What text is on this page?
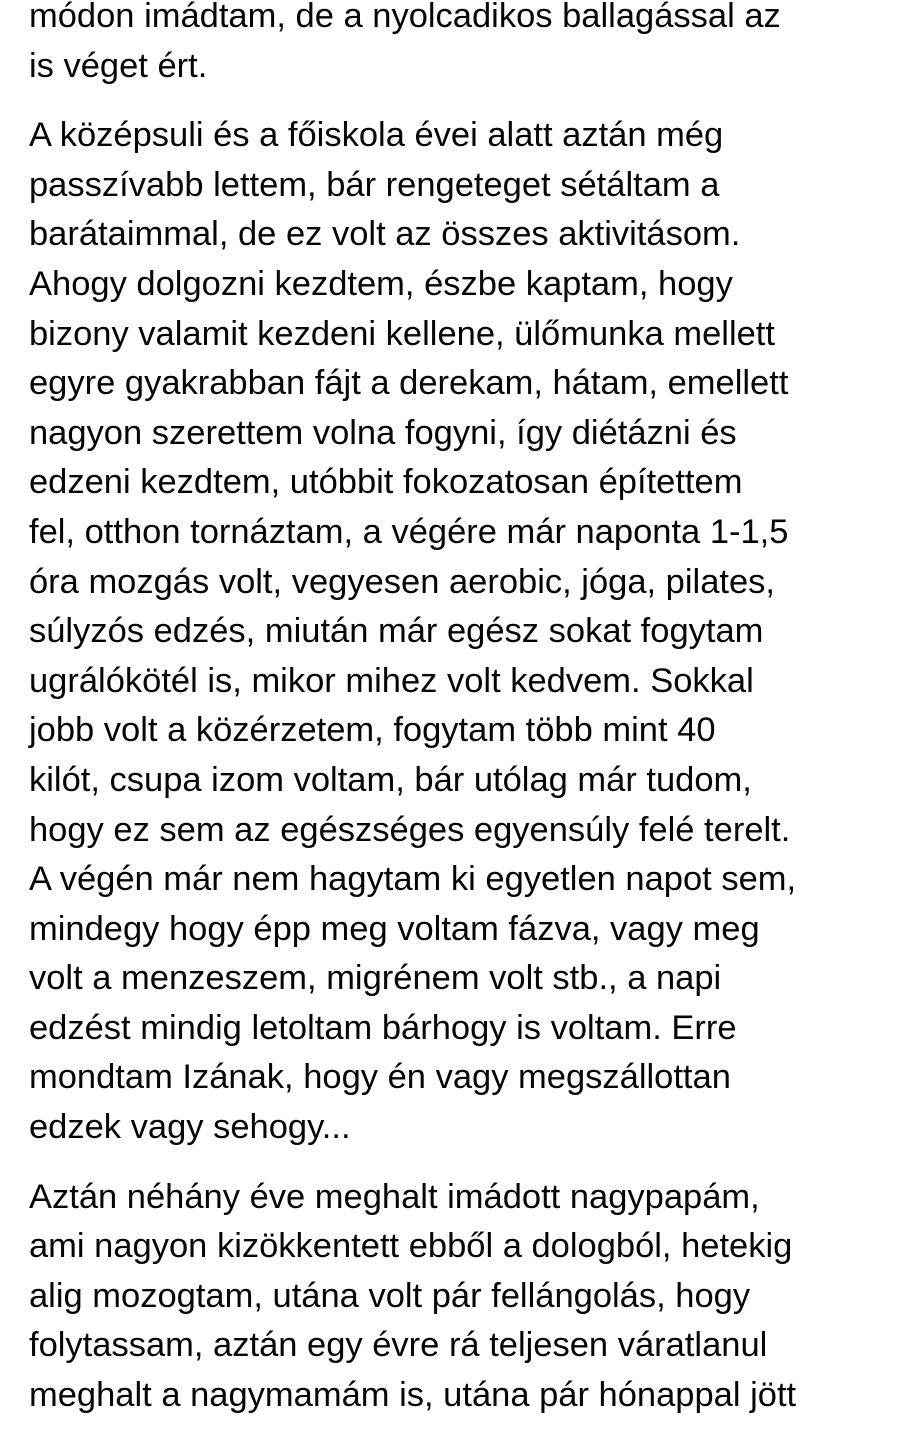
módon imádtam, de a nyolcadikos ballagással az
is véget ért.

A középsuli és a főiskola évei alatt aztán még
passzívabb lettem, bár rengeteget sétáltam a
barátaimmal, de ez volt az összes aktivitásom.
Ahogy dolgozni kezdtem, észbe kaptam, hogy
bizony valamit kezdeni kellene, ülőmunka mellett
egyre gyakrabban fájt a derekam, hátam, emellett
nagyon szerettem volna fogyni, így diétázni és
edzeni kezdtem, utóbbit fokozatosan építettem
fel, otthon tornáztam, a végére már naponta 1-1,5
óra mozgás volt, vegyesen aerobic, jóga, pilates,
súlyzós edzés, miután már egész sokat fogytam
ugrálókötél is, mikor mihez volt kedvem. Sokkal
jobb volt a közérzetem, fogytam több mint 40
kilót, csupa izom voltam, bár utólag már tudom,
hogy ez sem az egészséges egyensúly felé terelt.
A végén már nem hagytam ki egyetlen napot sem,
mindegy hogy épp meg voltam fázva, vagy meg
volt a menzeszem, migrénem volt stb., a napi
edzést mindig letoltam bárhogy is voltam. Erre
mondtam Izának, hogy én vagy megszállottan
edzek vagy sehogy...

Aztán néhány éve meghalt imádott nagypapám,
ami nagyon kizökkentett ebből a dologból, hetekig
alig mozogtam, utána volt pár fellángolás, hogy
folytassam, aztán egy évre rá teljesen váratlanul
meghalt a nagymamám is, utána pár hónappal jött
